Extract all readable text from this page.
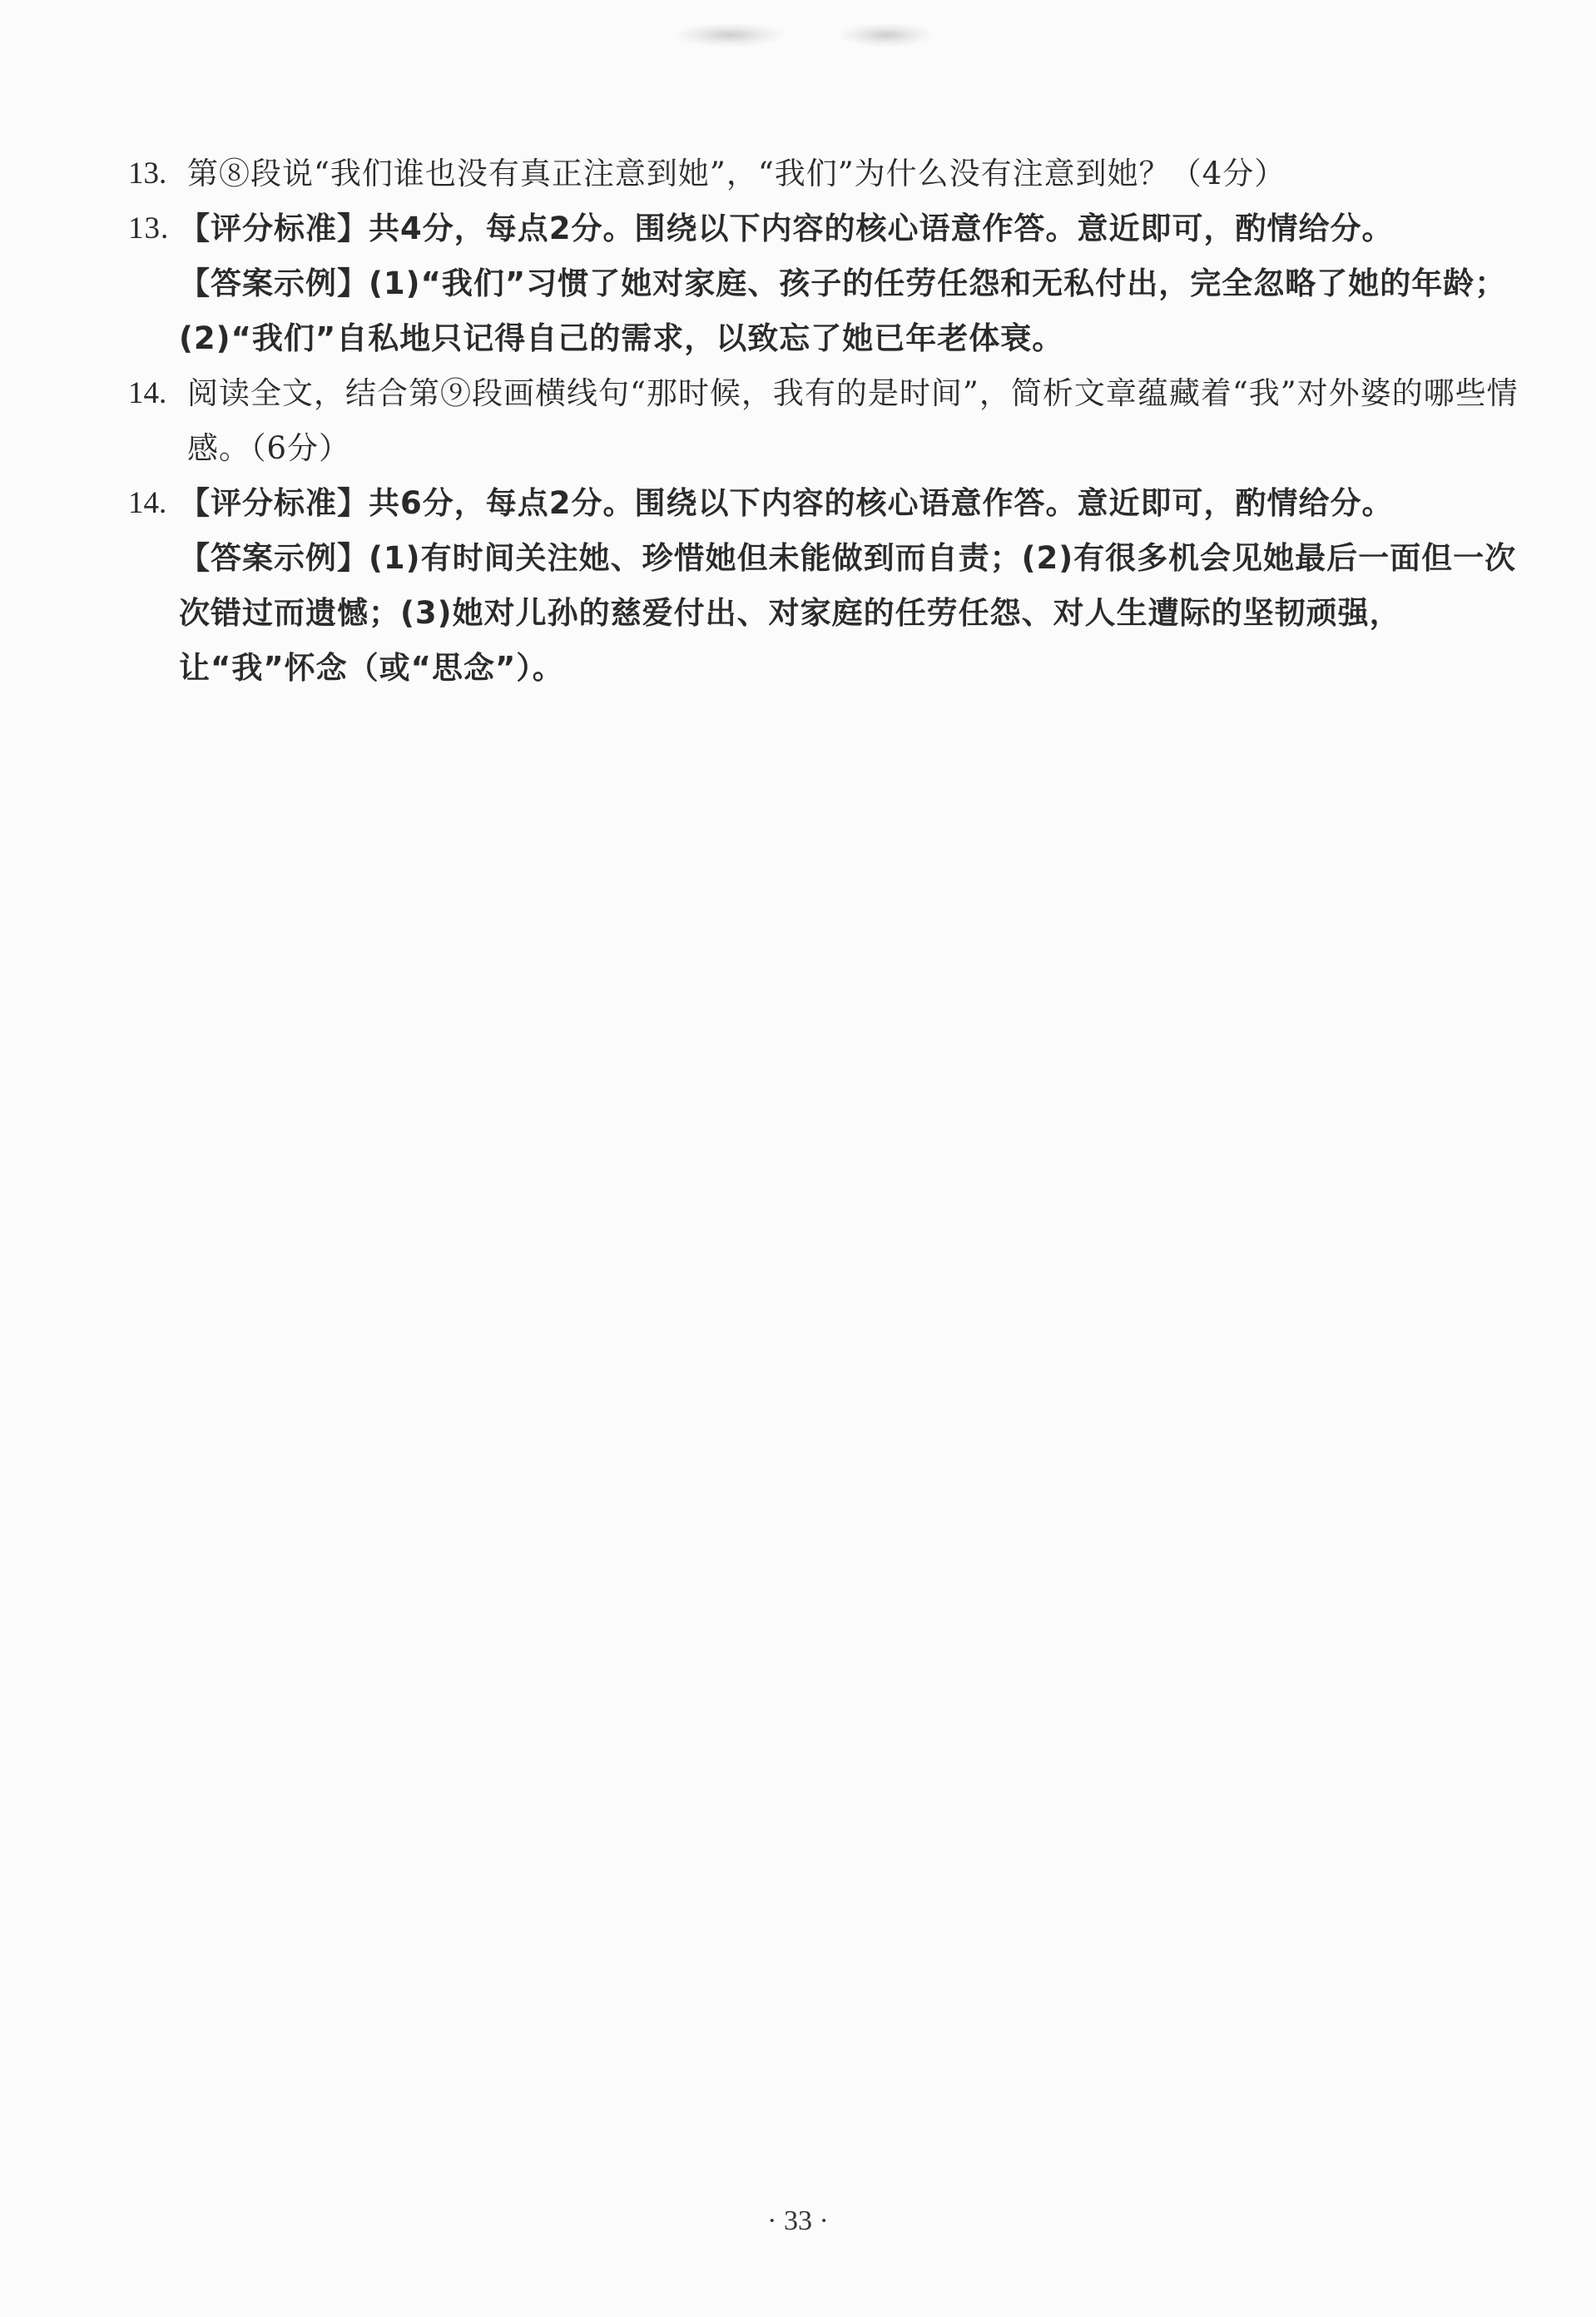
13. 第⑧段说“我们谁也没有真正注意到她”，“我们”为什么没有注意到她？（4分）
13. 【评分标准】共4分，每点2分。围绕以下内容的核心语意作答。意近即可，酌情给分。
【答案示例】(1)“我们”习惯了她对家庭、孩子的任劳任怨和无私付出，完全忽略了她的年龄；(2)“我们”自私地只记得自己的需求，以致忘了她已年老体衰。
14. 阅读全文，结合第⑨段画横线句“那时候，我有的是时间”，简析文章蕴藏着“我”对外婆的哪些情感。（6分）
14. 【评分标准】共6分，每点2分。围绕以下内容的核心语意作答。意近即可，酌情给分。
【答案示例】(1)有时间关注她、珍惜她但未能做到而自责；(2)有很多机会见她最后一面但一次次错过而遗憾；(3)她对儿孙的慈爱付出、对家庭的任劳任怨、对人生遭际的坚韧顽强，让“我”怀念（或“思念”）。
· 33 ·
